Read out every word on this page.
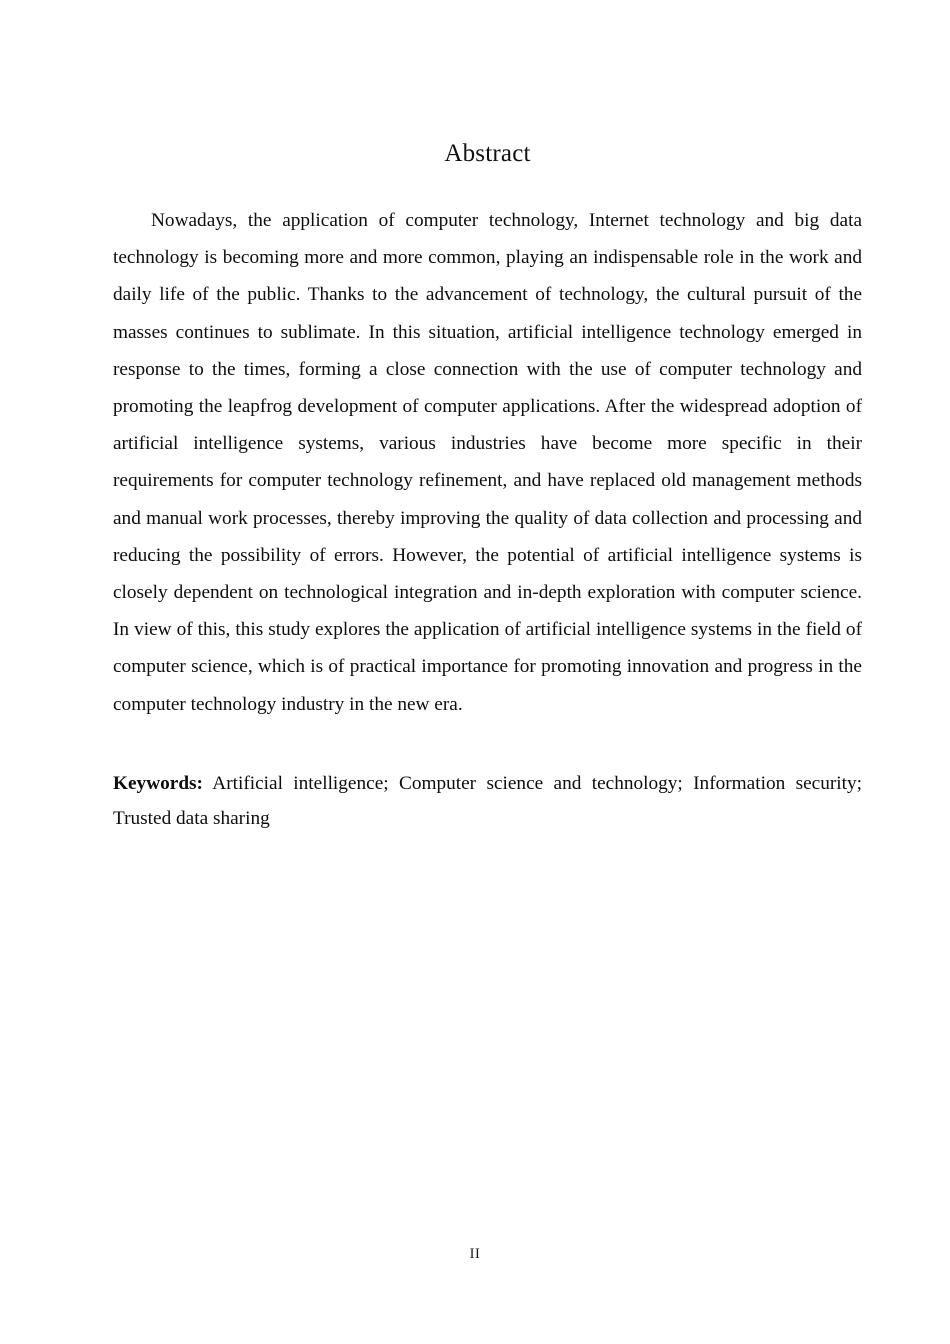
Abstract

Nowadays, the application of computer technology, Internet technology and big data technology is becoming more and more common, playing an indispensable role in the work and daily life of the public. Thanks to the advancement of technology, the cultural pursuit of the masses continues to sublimate. In this situation, artificial intelligence technology emerged in response to the times, forming a close connection with the use of computer technology and promoting the leapfrog development of computer applications. After the widespread adoption of artificial intelligence systems, various industries have become more specific in their requirements for computer technology refinement, and have replaced old management methods and manual work processes, thereby improving the quality of data collection and processing and reducing the possibility of errors. However, the potential of artificial intelligence systems is closely dependent on technological integration and in-depth exploration with computer science. In view of this, this study explores the application of artificial intelligence systems in the field of computer science, which is of practical importance for promoting innovation and progress in the computer technology industry in the new era.

Keywords: Artificial intelligence; Computer science and technology; Information security; Trusted data sharing

II
